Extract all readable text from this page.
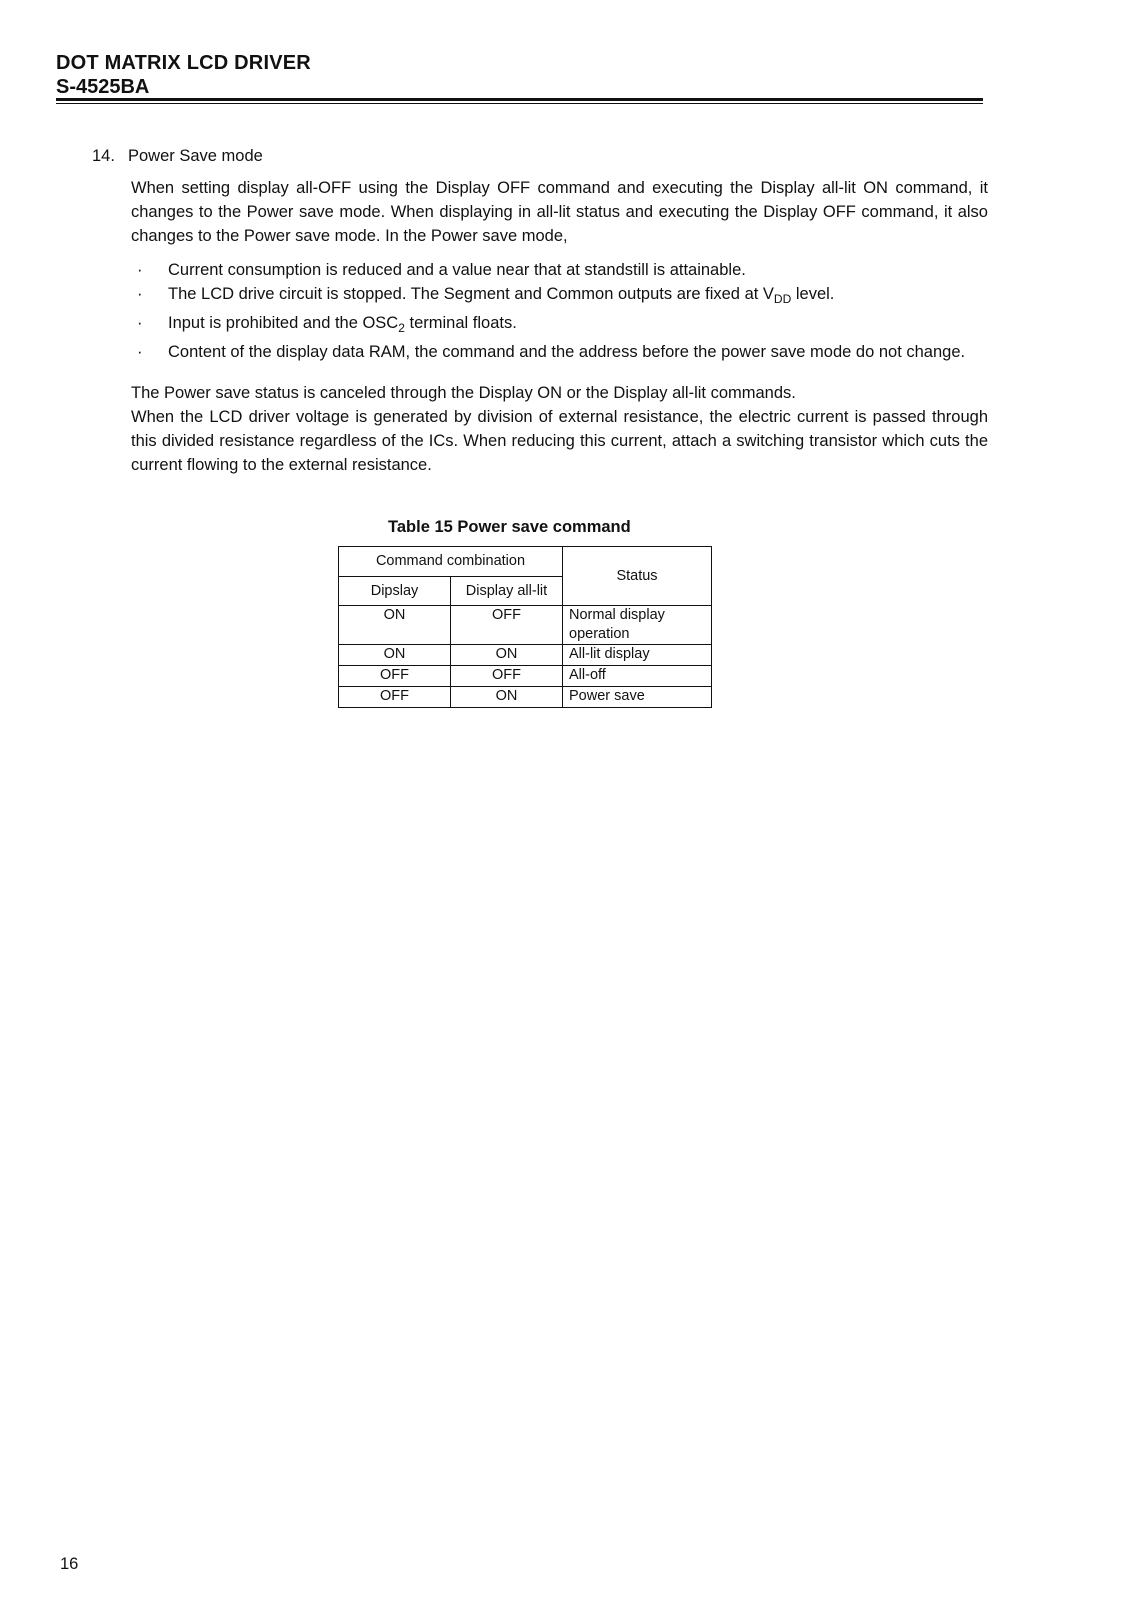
DOT MATRIX LCD DRIVER
S-4525BA
14. Power Save mode

When setting display all-OFF using the Display OFF command and executing the Display all-lit ON command, it changes to the Power save mode. When displaying in all-lit status and executing the Display OFF command, it also changes to the Power save mode. In the Power save mode,

· Current consumption is reduced and a value near that at standstill is attainable.
· The LCD drive circuit is stopped. The Segment and Common outputs are fixed at $V_{DD}$ level.
· Input is prohibited and the $OSC_2$ terminal floats.
· Content of the display data RAM, the command and the address before the power save mode do not change.

The Power save status is canceled through the Display ON or the Display all-lit commands.

When the LCD driver voltage is generated by division of external resistance, the electric current is passed through this divided resistance regardless of the ICs. When reducing this current, attach a switching transistor which cuts the current flowing to the external resistance.

Table 15 Power save command
Command combination		Status
Dipslay	Display all-lit	
ON	OFF	Normal display operation
ON	ON	All-lit display
OFF	OFF	All-off
OFF	ON	Power save
16
